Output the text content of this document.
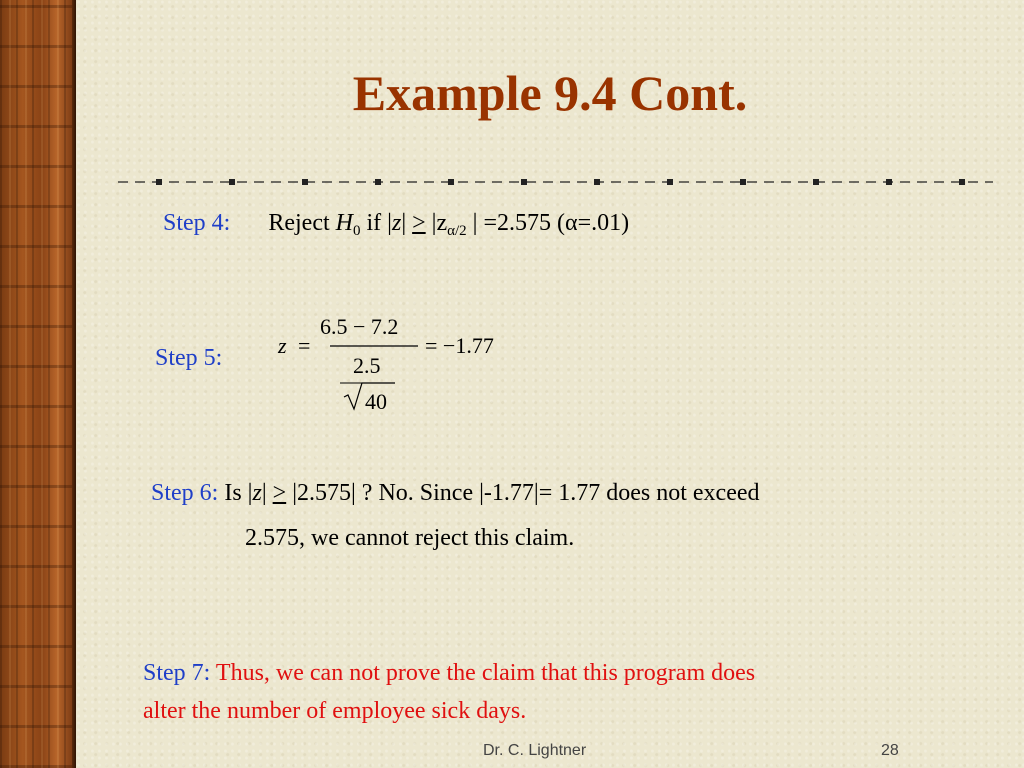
Example 9.4 Cont.
Step 4: Reject $H_0$ if $|z| > |z_{\alpha/2}$ | =2.575 (α=.01)
Step 5:	z =
6.5 − 7.2
2.5
40
= −1.77
Step 6: Is |z| > |2.575| ? No. Since |-1.77|= 1.77 does not exceed
2.575, we cannot reject this claim.
Step 7: Thus, we can not prove the claim that this program does
alter the number of employee sick days.
Dr. C. Lightner	28
